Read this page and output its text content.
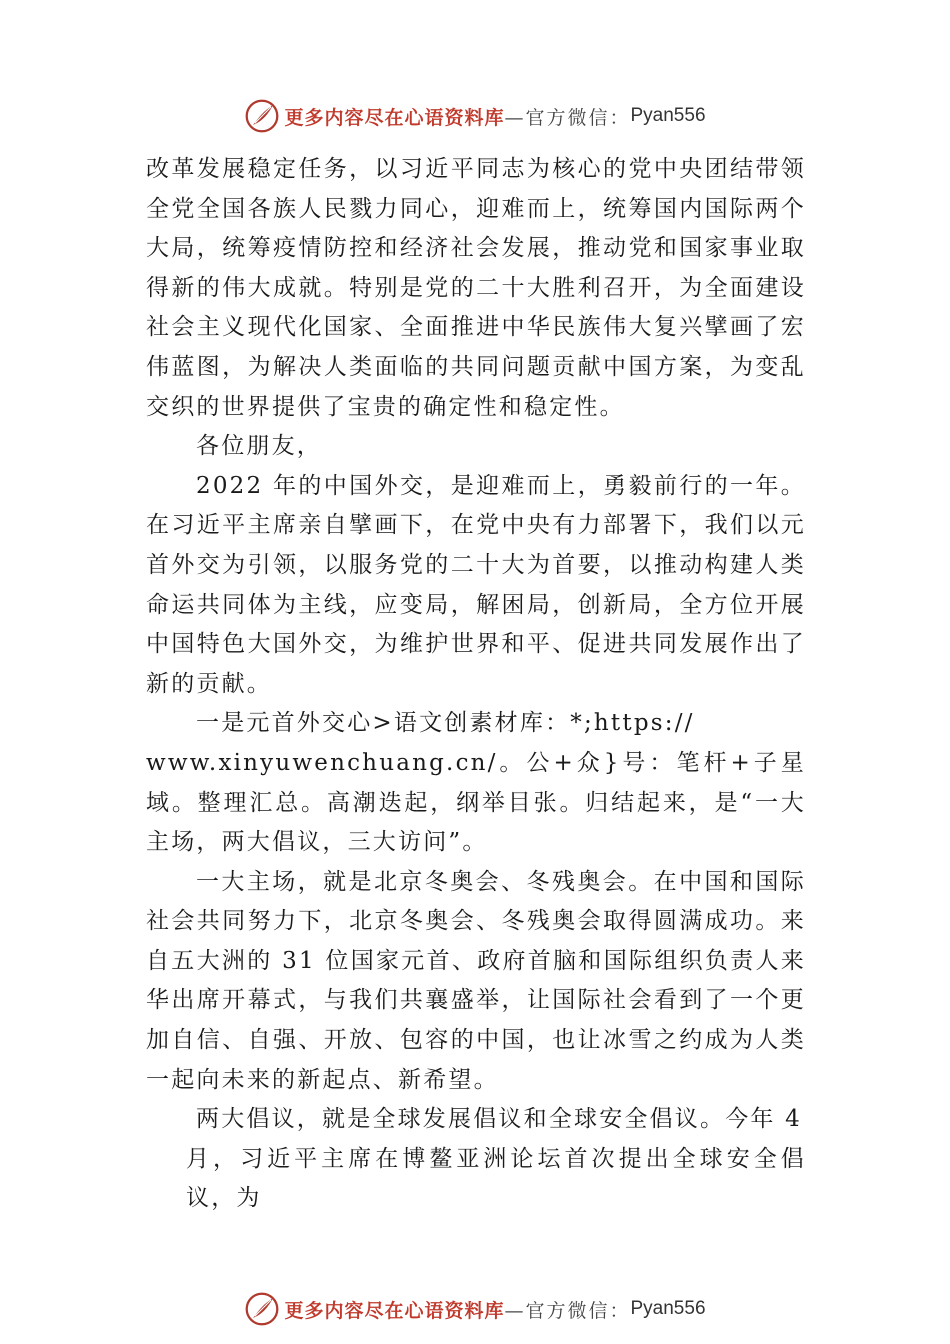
更多内容尽在心语资料库 —官方微信： Pyan556

改革发展稳定任务，以习近平同志为核心的党中央团结带领全党全国各族人民戮力同心，迎难而上，统筹国内国际两个大局，统筹疫情防控和经济社会发展，推动党和国家事业取得新的伟大成就。特别是党的二十大胜利召开，为全面建设社会主义现代化国家、全面推进中华民族伟大复兴擘画了宏伟蓝图，为解决人类面临的共同问题贡献中国方案，为变乱交织的世界提供了宝贵的确定性和稳定性。

各位朋友，

2022 年的中国外交，是迎难而上，勇毅前行的一年。在习近平主席亲自擘画下，在党中央有力部署下，我们以元首外交为引领，以服务党的二十大为首要，以推动构建人类命运共同体为主线，应变局，解困局，创新局，全方位开展中国特色大国外交，为维护世界和平、促进共同发展作出了新的贡献。

一是元首外交心>语文创素材库：*;https://

www.xinyuwenchuang.cn/。公+众}号：笔杆+子星域。整理汇总。高潮迭起，纲举目张。归结起来，是“一大主场，两大倡议，三大访问”。

一大主场，就是北京冬奥会、冬残奥会。在中国和国际社会共同努力下，北京冬奥会、冬残奥会取得圆满成功。来自五大洲的 31 位国家元首、政府首脑和国际组织负责人来华出席开幕式，与我们共襄盛举，让国际社会看到了一个更加自信、自强、开放、包容的中国，也让冰雪之约成为人类一起向未来的新起点、新希望。

两大倡议，就是全球发展倡议和全球安全倡议。今年 4

月，习近平主席在博鳌亚洲论坛首次提出全球安全倡议，为

更多内容尽在心语资料库 —官方微信： Pyan556
